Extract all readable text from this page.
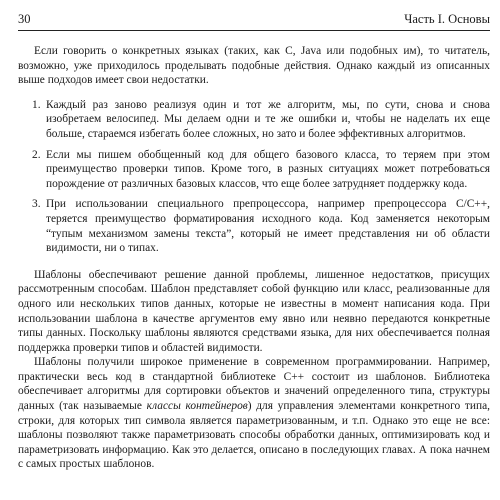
30	Часть I. Основы

Если говорить о конкретных языках (таких, как C, Java или подобных им), то читатель, возможно, уже приходилось проделывать подобные действия. Однако каждый из описанных выше подходов имеет свои недостатки.

1. Каждый раз заново реализуя один и тот же алгоритм, мы, по сути, снова и снова изобретаем велосипед. Мы делаем одни и те же ошибки и, чтобы не наделать их еще больше, стараемся избегать более сложных, но зато и более эффективных алгоритмов.
2. Если мы пишем обобщенный код для общего базового класса, то теряем при этом преимущество проверки типов. Кроме того, в разных ситуациях может потребоваться порождение от различных базовых классов, что еще более затрудняет поддержку кода.
3. При использовании специального препроцессора, например препроцессора C/C++, теряется преимущество форматирования исходного кода. Код заменяется некоторым “тупым механизмом замены текста”, который не имеет представления ни об области видимости, ни о типах.

Шаблоны обеспечивают решение данной проблемы, лишенное недостатков, присущих рассмотренным способам. Шаблон представляет собой функцию или класс, реализованные для одного или нескольких типов данных, которые не известны в момент написания кода. При использовании шаблона в качестве аргументов ему явно или неявно передаются конкретные типы данных. Поскольку шаблоны являются средствами языка, для них обеспечивается полная поддержка проверки типов и областей видимости.

Шаблоны получили широкое применение в современном программировании. Например, практически весь код в стандартной библиотеке C++ состоит из шаблонов. Библиотека обеспечивает алгоритмы для сортировки объектов и значений определенного типа, структуры данных (так называемые классы контейнеров) для управления элементами конкретного типа, строки, для которых тип символа является параметризованным, и т.п. Однако это еще не все: шаблоны позволяют также параметризовать способы обработки данных, оптимизировать код и параметризовать информацию. Как это делается, описано в последующих главах. А пока начнем с самых простых шаблонов.
